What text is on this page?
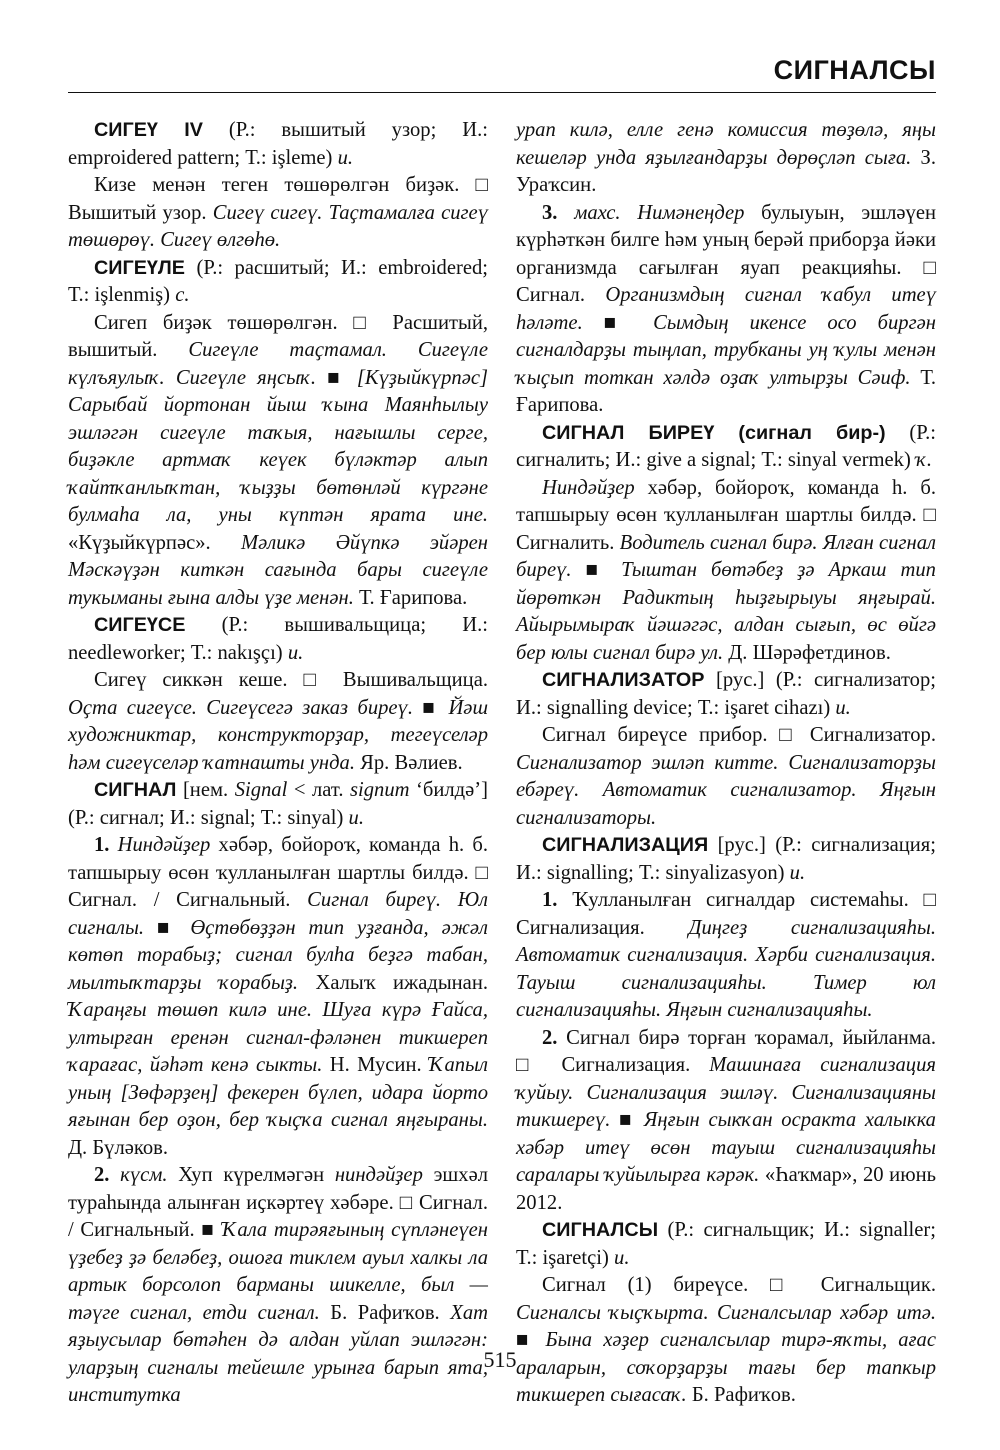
СИГНАЛСЫ

СИГЕҮ IV (Р.: вышитый узор; И.: emproidered pattern; Т.: işleme) и.

Кизе менән теген төшөрөлгән биҙәк. □ Вышитый узор. Сигеү сигеү. Таҫтамалға сигеү төшөрөү. Сигеү өлгөһө.

СИГЕҮЛЕ (Р.: расшитый; И.: embroidered; Т.: işlenmiş) с.

Сигеп биҙәк төшөрөлгән. □ Расшитый, вышитый. Сигеүле таҫтамал. Сигеүле күлъяулыҡ. Сигеүле яңсыҡ. ■ [Күҙыйкүрпәс] Сарыбай йортонан йыш ҡына Маянһылыу эшләгән сигеүле таҡыя, нағышлы серге, биҙәкле артмаҡ кеүек бүләктәр алып ҡайтҡанлыҡтан, ҡыҙҙы бөтөнләй күргәне булмаһа ла, уны күптән ярата ине. «Күҙыйкүрпәс». Мәликә Әйүпкә эйәрен Мәскәүҙән киткән сағында бары сигеүле тукыманы ғына алды үҙе менән. Т. Ғарипова.

СИГЕҮСЕ (Р.: вышивальщица; И.: needleworker; Т.: nakışçı) и.

Сигеү сиккән кеше. □ Вышивальщица. Оҫта сигеүсе. Сигеүсегә заказ биреү. ■ Йәш художниктар, конструкторҙар, тегеүселәр һәм сигеүселәр ҡатнашты унда. Яр. Вәлиев.

СИГНАЛ [нем. Signal < лат. signum ‘билдә’] (Р.: сигнал; И.: signal; Т.: sinyal) и.

1. Ниндәйҙер хәбәр, бойороҡ, команда һ. б. тапшырыу өсөн ҡулланылған шартлы билдә. □ Сигнал. / Сигнальный. Сигнал биреү. Юл сигналы. ■ Өҫтөбөҙҙән тип уҙғанда, әжәл көтөп торабыҙ; сигнал булһа беҙгә табан, мылтыҡтарҙы ҡорабыҙ. Халыҡ ижадынан. Ҡараңғы төшөп килә ине. Шуға күрә Ғайса, ултырған еренән сигнал-фәләнен тикшереп ҡарағас, йәһәт кенә сыкты. Н. Мусин. Ҡапыл уның [Зөфәрҙең] фекерен бүлеп, идара йорто яғынан бер оҙон, бер ҡыҫҡа сигнал яңғыраны. Д. Бүләков.

2. күсм. Хуп күрелмәгән ниндәйҙер эшхәл тураһында алынған иҫкәртеү хәбәре. □ Сигнал. / Сигнальный. ■ Ҡала тирәяғының сүпләнеүен үҙебеҙ ҙә беләбеҙ, ошоға тиклем ауыл халкы ла артык борсолоп барманы шикелле, был — тәүге сигнал, етди сигнал. Б. Рафиҡов. Хат яҙыусылар бөтәһен дә алдан уйлап эшләгән: уларҙың сигналы тейешле урынға барып ята, институтка

урап килә, елле генә комиссия төҙөлә, яңы кешеләр унда яҙылғандарҙы дөрөҫләп сыға. З. Ураҡсин.

3. махс. Нимәнеңдер булыуын, эшләүен күрһәткән билге һәм уның берәй приборҙа йәки организмда сағылған яуап реакцияһы. □ Сигнал. Организмдың сигнал ҡабул итеү һәләте. ■ Сымдың икенсе осо биргән сигналдарҙы тыңлап, трубканы уң ҡулы менән ҡыҫып тоткан хәлдә оҙаҡ ултырҙы Сәиф. Т. Ғарипова.

СИГНАЛ БИРЕҮ (сигнал бир-) (Р.: сигналить; И.: give a signal; Т.: sinyal vermek) ҡ.

Ниндәйҙер хәбәр, бойороҡ, команда һ. б. тапшырыу өсөн ҡулланылған шартлы билдә. □ Сигналить. Водитель сигнал бирә. Ялған сигнал биреү. ■ Тыштан бөтәбеҙ ҙә Аркаш тип йөрөткән Радиктың һыҙғырыуы яңғырай. Айырымыраҡ йәшәгәс, алдан сығып, өс өйгә бер юлы сигнал бирә ул. Д. Шәрәфетдинов.

СИГНАЛИЗАТОР [рус.] (Р.: сигнализатор; И.: signalling device; Т.: işaret cihazı) и.

Сигнал биреүсе прибор. □ Сигнализатор. Сигнализатор эшләп китте. Сигнализаторҙы ебәреү. Автоматик сигнализатор. Яңғын сигнализаторы.

СИГНАЛИЗАЦИЯ [рус.] (Р.: сигнализация; И.: signalling; Т.: sinyalizasyon) и.

1. Ҡулланылған сигналдар системаһы. □ Сигнализация. Диңгеҙ сигнализацияһы. Автоматик сигнализация. Хәрби сигнализация. Тауыш сигнализацияһы. Тимер юл сигнализацияһы. Яңғын сигнализацияһы.

2. Сигнал бирә торған ҡорамал, йыйланма. □ Сигнализация. Машинаға сигнализация ҡуйыу. Сигнализация эшләү. Сигнализацияны тикшереү. ■ Яңғын сыкҡан осракта халыкка хәбәр итеү өсөн тауыш сигнализацияһы саралары ҡуйылырға кәрәк. «Һаҡмар», 20 июнь 2012.

СИГНАЛСЫ (Р.: сигнальщик; И.: signaller; Т.: işaretçi) и.

Сигнал (1) биреүсе. □ Сигнальщик. Сигналсы ҡыҫҡырта. Сигналсылар хәбәр итә. ■ Бына хәҙер сигналсылар тирә-яҡты, ағас араларын, соҡорҙарҙы тағы бер тапкыр тикшереп сығасаҡ. Б. Рафиҡов.

515
